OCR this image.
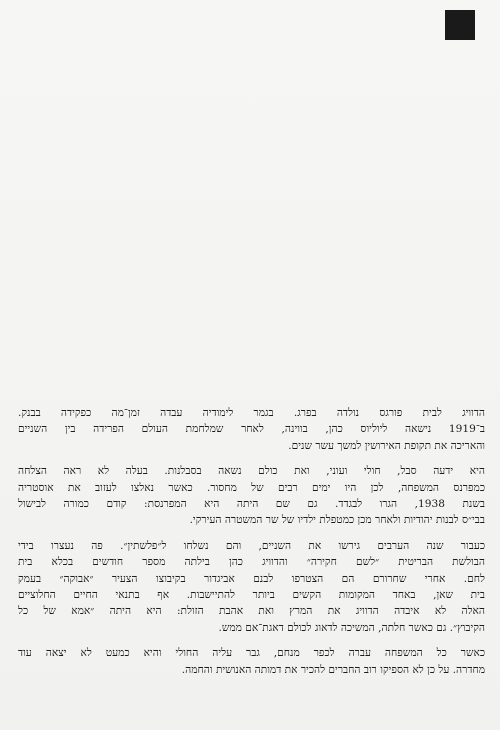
הדוויג לבית פורגס נולדה בפרג. בגמר לימודיה עבדה זמן־מה כפקידה בבנק.
ב־1919 נישאה ליוליוס כהן, בווינה, לאחר שמלחמת העולם הפרידה בין השניים
והאריכה את תקופת האירושין למשך עשר שנים.

היא ידעה סבל, חולי ועוני, ואת כולם נשאה בסבלנות. בעלה לא ראה הצלחה
כמפרנס המשפחה, לכן היו ימים רבים של מחסור. כאשר נאלצו לעזוב את אוסטריה
בשנת 1938, הגרו לבגדד. גם שם היתה היא המפרנסת: קודם כמורה לבישול
בבי״ס לבנות יהודיות ולאחר מכן כמטפלת ילדיו של שר המשטרה העירקי.

כעבור שנה הערבים גירשו את השניים, והם נשלחו ל״פלשתין״. פה נעצרו בידי
הבולשת הבריטית ״לשם חקירה״ והדוויג כהן בילתה מספר חודשים בכלא בית
לחם. אחרי שחרורם הם הצטרפו לבנם אביגדור בקיבוצו הצעיר ״אבוקה״ בעמק
בית שאן, באחד המקומות הקשים ביותר להתיישבות. אף בתנאי החיים החלוציים
האלה לא איבדה הדוויג את המרץ ואת אהבת הזולת: היא היתה ״אמא של כל
הקיבוץ״. גם כאשר חלתה, המשיכה לדאוג לכולם דאגת־אם ממש.

כאשר כל המשפחה עברה לכפר מנחם, גבר עליה החולי והיא כמעט לא יצאה עוד
מחדרה. על כן לא הספיקו רוב החברים להכיר את דמותה האנושית והחמה.
